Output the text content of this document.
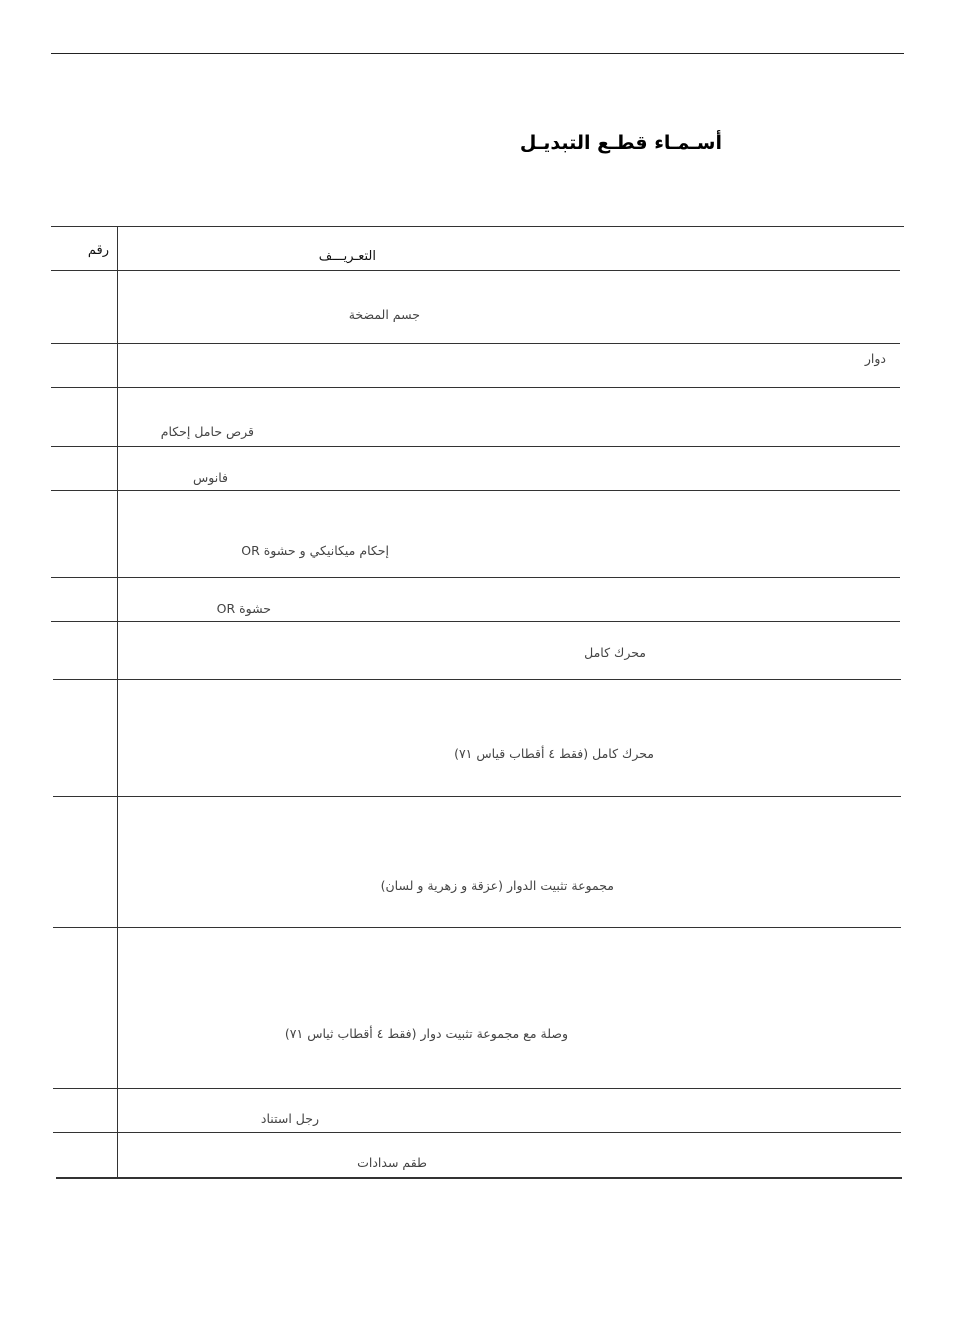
أسـمـاء قطـع التبديـل
رقم	التعـريـــف
جسم المضخة
دوار
قرص حامل إحكام
فانوس
إحكام ميكانيكي و حشوة OR
حشوة OR
محرك كامل
محرك كامل (فقط ٤ أقطاب قياس ٧١)
مجموعة تثبيت الدوار (عزقة و زهرية و لسان)
وصلة مع مجموعة تثبيت دوار (فقط ٤ أقطاب ثياس ٧١)
رجل استناد
طقم سدادات
